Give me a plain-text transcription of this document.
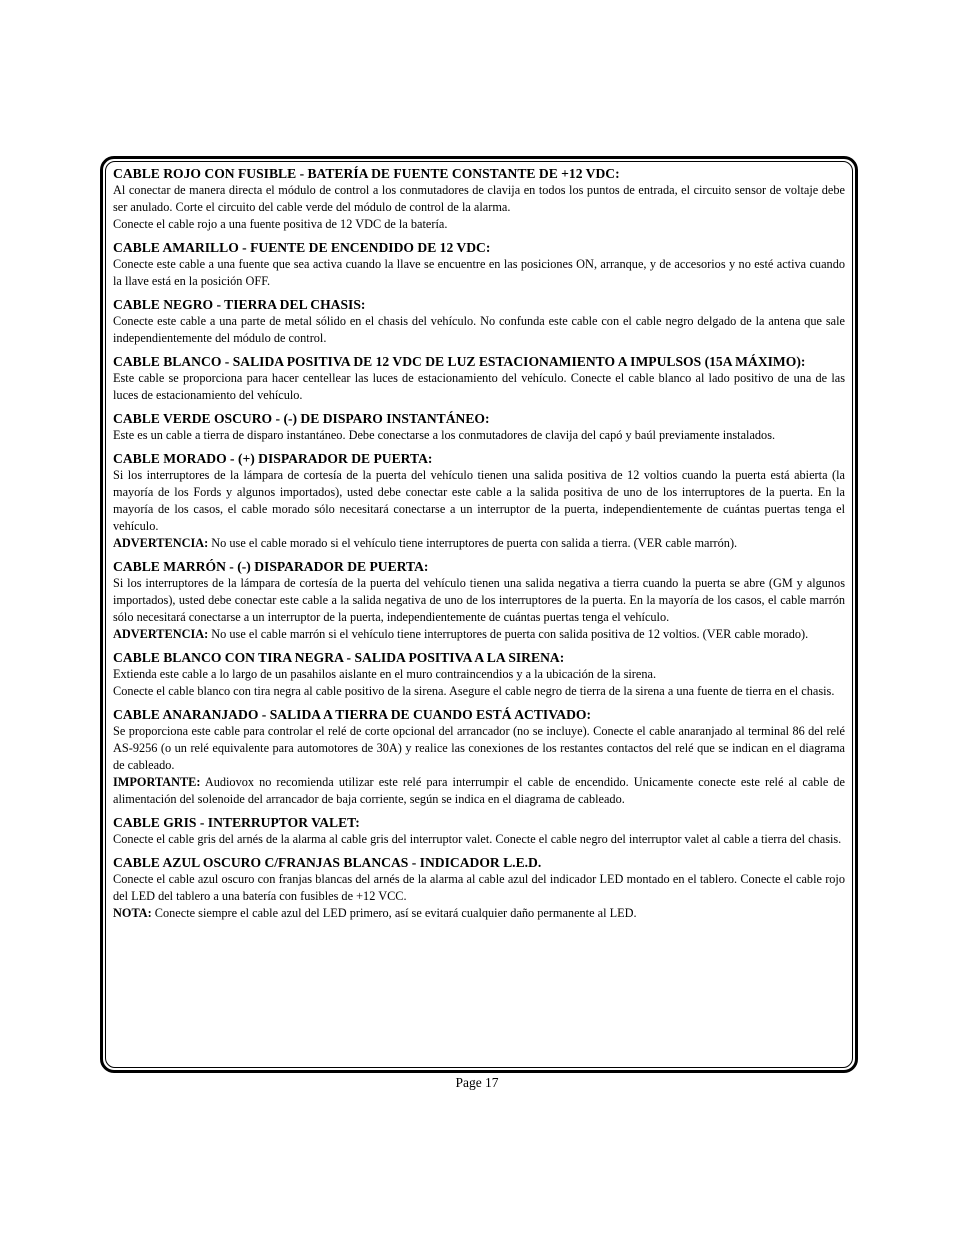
CABLE ROJO CON FUSIBLE - BATERÍA DE FUENTE CONSTANTE DE +12 VDC:

Al conectar de manera directa el módulo de control a los conmutadores de clavija en todos los puntos de entrada, el circuito sensor de voltaje debe ser anulado. Corte el circuito del cable verde del módulo de control de la alarma.

Conecte el cable rojo a una fuente positiva de 12 VDC de la batería.

CABLE AMARILLO - FUENTE DE ENCENDIDO DE 12 VDC:

Conecte este cable a una fuente que sea activa cuando la llave se encuentre en las posiciones ON, arranque, y de accesorios y no esté activa cuando la llave está en la posición OFF.

CABLE NEGRO - TIERRA DEL CHASIS:

Conecte este cable a una parte de metal sólido en el chasis del vehículo. No confunda este cable con el cable negro delgado de la antena que sale independientemente del módulo de control.

CABLE BLANCO - SALIDA POSITIVA DE 12 VDC DE LUZ ESTACIONAMIENTO A IMPULSOS (15A MÁXIMO):

Este cable se proporciona para hacer centellear las luces de estacionamiento del vehículo. Conecte el cable blanco al lado positivo de una de las luces de estacionamiento del vehículo.

CABLE VERDE OSCURO - (-) DE DISPARO INSTANTÁNEO:

Este es un cable a tierra de disparo instantáneo. Debe conectarse a los conmutadores de clavija del capó y baúl previamente instalados.

CABLE MORADO - (+) DISPARADOR DE PUERTA:

Si los interruptores de la lámpara de cortesía de la puerta del vehículo tienen una salida positiva de 12 voltios cuando la puerta está abierta (la mayoría de los Fords y algunos importados), usted debe conectar este cable a la salida positiva de uno de los interruptores de la puerta. En la mayoría de los casos, el cable morado sólo necesitará conectarse a un interruptor de la puerta, independientemente de cuántas puertas tenga el vehículo.

ADVERTENCIA: No use el cable morado si el vehículo tiene interruptores de puerta con salida a tierra. (VER cable marrón).

CABLE MARRÓN - (-) DISPARADOR DE PUERTA:

Si los interruptores de la lámpara de cortesía de la puerta del vehículo tienen una salida negativa a tierra cuando la puerta se abre (GM y algunos importados), usted debe conectar este cable a la salida negativa de uno de los interruptores de la puerta. En la mayoría de los casos, el cable marrón sólo necesitará conectarse a un interruptor de la puerta, independientemente de cuántas puertas tenga el vehículo.

ADVERTENCIA: No use el cable marrón si el vehículo tiene interruptores de puerta con salida positiva de 12 voltios. (VER cable morado).

CABLE BLANCO CON TIRA NEGRA - SALIDA POSITIVA A LA SIRENA:

Extienda este cable a lo largo de un pasahilos aislante en el muro contraincendios y a la ubicación de la sirena.

Conecte el cable blanco con tira negra al cable positivo de la sirena. Asegure el cable negro de tierra de la sirena a una fuente de tierra en el chasis.

CABLE ANARANJADO - SALIDA A TIERRA DE CUANDO ESTÁ ACTIVADO:

Se proporciona este cable para controlar el relé de corte opcional del arrancador (no se incluye). Conecte el cable anaranjado al terminal 86 del relé AS-9256 (o un relé equivalente para automotores de 30A) y realice las conexiones de los restantes contactos del relé que se indican en el diagrama de cableado.

IMPORTANTE: Audiovox no recomienda utilizar este relé para interrumpir el cable de encendido. Unicamente conecte este relé al cable de alimentación del solenoide del arrancador de baja corriente, según se indica en el diagrama de cableado.

CABLE GRIS - INTERRUPTOR VALET:

Conecte el cable gris del arnés de la alarma al cable gris del interruptor valet. Conecte el cable negro del interruptor valet al cable a tierra del chasis.

CABLE AZUL OSCURO C/FRANJAS BLANCAS - INDICADOR L.E.D.

Conecte el cable azul oscuro con franjas blancas del arnés de la alarma al cable azul del indicador LED montado en el tablero. Conecte el cable rojo del LED del tablero a una batería con fusibles de +12 VCC.

NOTA: Conecte siempre el cable azul del LED primero, así se evitará cualquier daño permanente al LED.

Page 17
